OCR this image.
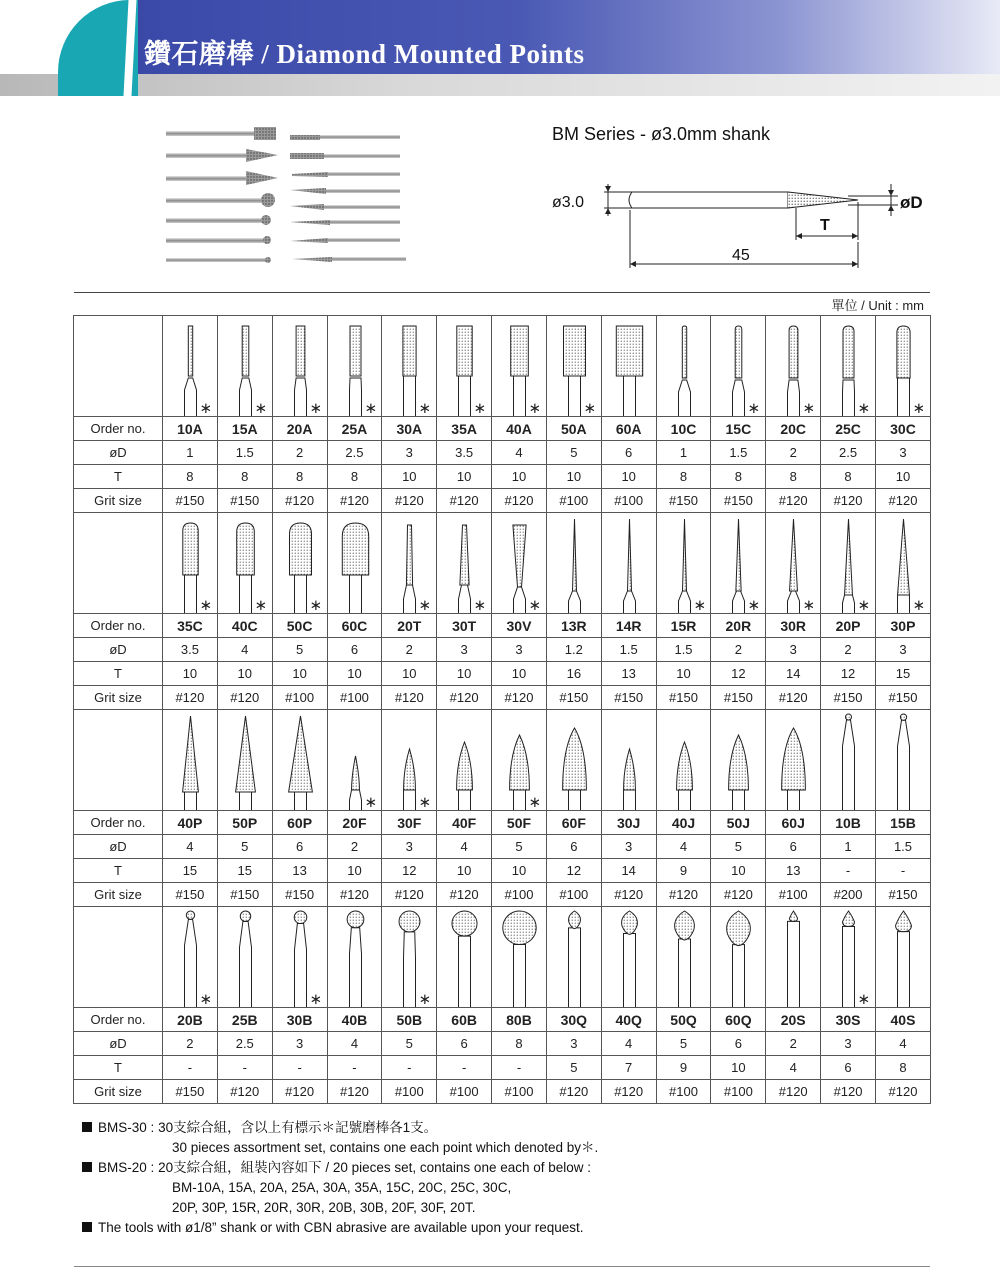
鑽石磨棒 / Diamond Mounted Points
BM Series - ø3.0mm shank
ø3.0	øD
T
45
單位 / Unit : mm

∗	∗	∗	∗	∗	∗	∗	∗			∗	∗	∗	∗

Order no.	10A	15A	20A	25A	30A	35A	40A	50A	60A	10C	15C	20C	25C	30C
øD	1	1.5	2	2.5	3	3.5	4	5	6	1	1.5	2	2.5	3
T	8	8	8	8	10	10	10	10	10	8	8	8	8	10
Grit size	#150	#150	#120	#120	#120	#120	#120	#100	#100	#150	#150	#120	#120	#120

∗	∗	∗		∗	∗	∗			∗	∗	∗	∗	∗

Order no.	35C	40C	50C	60C	20T	30T	30V	13R	14R	15R	20R	30R	20P	30P
øD	3.5	4	5	6	2	3	3	1.2	1.5	1.5	2	3	2	3
T	10	10	10	10	10	10	10	16	13	10	12	14	12	15
Grit size	#120	#120	#100	#100	#120	#120	#120	#150	#150	#150	#150	#120	#150	#150

∗	∗		∗

Order no.	40P	50P	60P	20F	30F	40F	50F	60F	30J	40J	50J	60J	10B	15B
øD	4	5	6	2	3	4	5	6	3	4	5	6	1	1.5
T	15	15	13	10	12	10	10	12	14	9	10	13	-	-
Grit size	#150	#150	#150	#120	#120	#120	#100	#100	#120	#120	#120	#100	#200	#150

∗		∗		∗								∗

Order no.	20B	25B	30B	40B	50B	60B	80B	30Q	40Q	50Q	60Q	20S	30S	40S
øD	2	2.5	3	4	5	6	8	3	4	5	6	2	3	4
T	-	-	-	-	-	-	-	5	7	9	10	4	6	8
Grit size	#150	#120	#120	#120	#100	#100	#100	#120	#120	#100	#100	#120	#120	#120
BMS-30 : 30支綜合組，含以上有標示＊記號磨棒各1支。
30 pieces assortment set, contains one each point which denoted by＊.
BMS-20 : 20支綜合組，組裝內容如下 / 20 pieces set, contains one each of below :
BM-10A, 15A, 20A, 25A, 30A, 35A, 15C, 20C, 25C, 30C,
20P, 30P, 15R, 20R, 30R, 20B, 30B, 20F, 30F, 20T.
The tools with ø1/8” shank or with CBN abrasive are available upon your request.
